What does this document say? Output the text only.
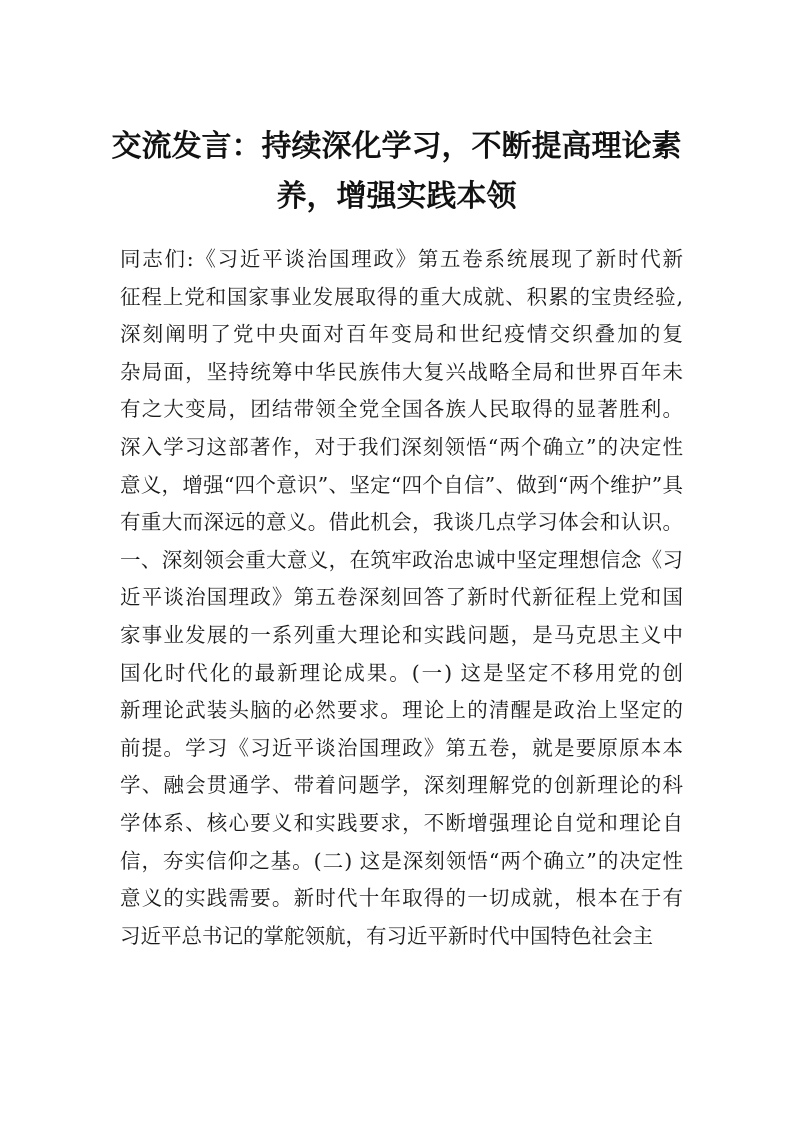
交流发言：持续深化学习，不断提高理论素
养，增强实践本领
同志们:《习近平谈治国理政》第五卷系统展现了新时代新
征程上党和国家事业发展取得的重大成就、积累的宝贵经验,
深刻阐明了党中央面对百年变局和世纪疫情交织叠加的复
杂局面，坚持统筹中华民族伟大复兴战略全局和世界百年未
有之大变局，团结带领全党全国各族人民取得的显著胜利。
深入学习这部著作，对于我们深刻领悟“两个确立”的决定性
意义，增强“四个意识”、坚定“四个自信”、做到“两个维护”具
有重大而深远的意义。借此机会，我谈几点学习体会和认识。
一、深刻领会重大意义，在筑牢政治忠诚中坚定理想信念《习
近平谈治国理政》第五卷深刻回答了新时代新征程上党和国
家事业发展的一系列重大理论和实践问题，是马克思主义中
国化时代化的最新理论成果。(一) 这是坚定不移用党的创
新理论武装头脑的必然要求。理论上的清醒是政治上坚定的
前提。学习《习近平谈治国理政》第五卷，就是要原原本本
学、融会贯通学、带着问题学，深刻理解党的创新理论的科
学体系、核心要义和实践要求，不断增强理论自觉和理论自
信，夯实信仰之基。(二) 这是深刻领悟“两个确立”的决定性
意义的实践需要。新时代十年取得的一切成就，根本在于有
习近平总书记的掌舵领航，有习近平新时代中国特色社会主
